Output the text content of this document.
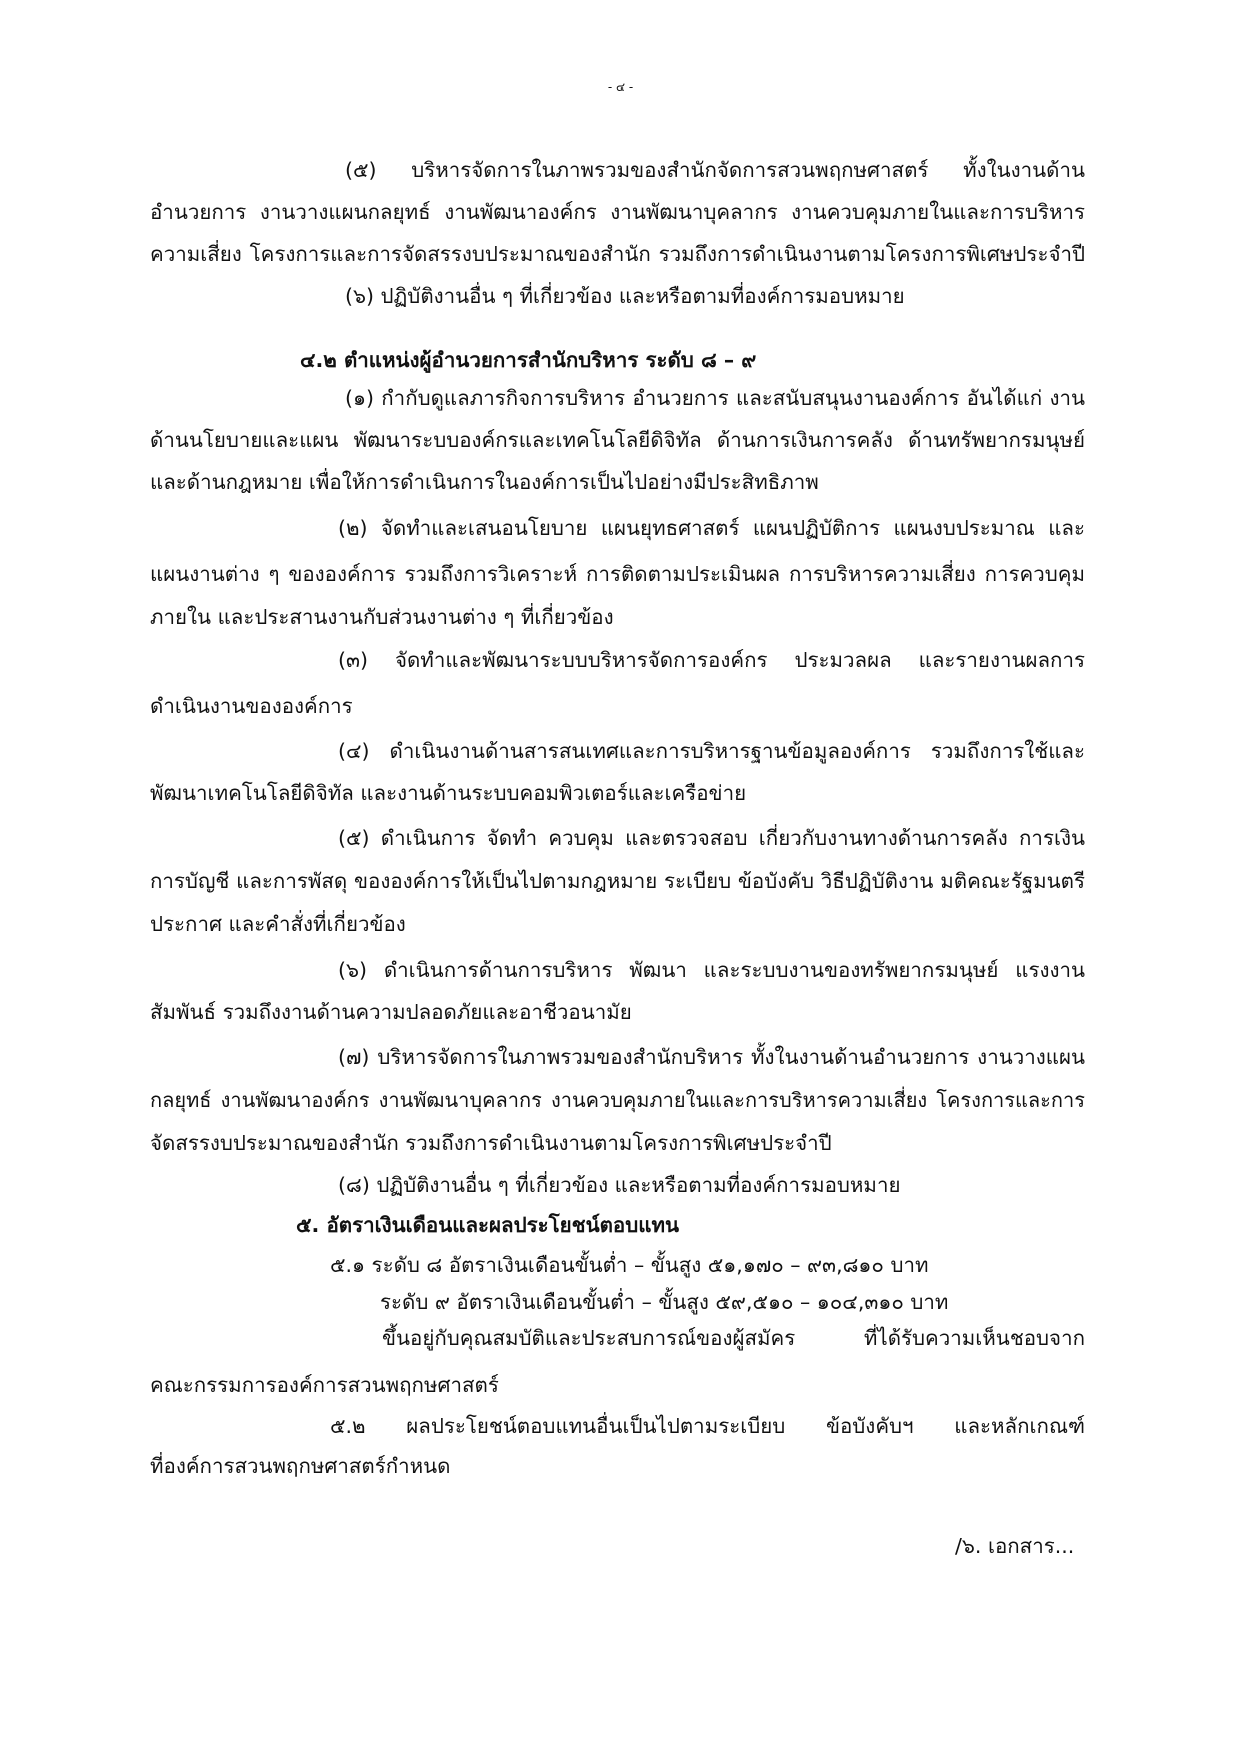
- ๔ -

(๕) บริหารจัดการในภาพรวมของสำนักจัดการสวนพฤกษศาสตร์ ทั้งในงานด้าน

อำนวยการ งานวางแผนกลยุทธ์ งานพัฒนาองค์กร งานพัฒนาบุคลากร งานควบคุมภายในและการบริหาร

ความเสี่ยง โครงการและการจัดสรรงบประมาณของสำนัก รวมถึงการดำเนินงานตามโครงการพิเศษประจำปี

(๖) ปฏิบัติงานอื่น ๆ ที่เกี่ยวข้อง และหรือตามที่องค์การมอบหมาย

๔.๒ ตำแหน่งผู้อำนวยการสำนักบริหาร ระดับ ๘ – ๙

(๑) กำกับดูแลภารกิจการบริหาร อำนวยการ และสนับสนุนงานองค์การ อันได้แก่ งาน

ด้านนโยบายและแผน พัฒนาระบบองค์กรและเทคโนโลยีดิจิทัล ด้านการเงินการคลัง ด้านทรัพยากรมนุษย์

และด้านกฎหมาย เพื่อให้การดำเนินการในองค์การเป็นไปอย่างมีประสิทธิภาพ

(๒) จัดทำและเสนอนโยบาย แผนยุทธศาสตร์ แผนปฏิบัติการ แผนงบประมาณ และ

แผนงานต่าง ๆ ขององค์การ รวมถึงการวิเคราะห์ การติดตามประเมินผล การบริหารความเสี่ยง การควบคุม

ภายใน และประสานงานกับส่วนงานต่าง ๆ ที่เกี่ยวข้อง

(๓) จัดทำและพัฒนาระบบบริหารจัดการองค์กร ประมวลผล และรายงานผลการ

ดำเนินงานขององค์การ

(๔) ดำเนินงานด้านสารสนเทศและการบริหารฐานข้อมูลองค์การ รวมถึงการใช้และ

พัฒนาเทคโนโลยีดิจิทัล และงานด้านระบบคอมพิวเตอร์และเครือข่าย

(๕) ดำเนินการ จัดทำ ควบคุม และตรวจสอบ เกี่ยวกับงานทางด้านการคลัง การเงิน

การบัญชี และการพัสดุ ขององค์การให้เป็นไปตามกฎหมาย ระเบียบ ข้อบังคับ วิธีปฏิบัติงาน มติคณะรัฐมนตรี

ประกาศ และคำสั่งที่เกี่ยวข้อง

(๖) ดำเนินการด้านการบริหาร พัฒนา และระบบงานของทรัพยากรมนุษย์ แรงงาน

สัมพันธ์ รวมถึงงานด้านความปลอดภัยและอาชีวอนามัย

(๗) บริหารจัดการในภาพรวมของสำนักบริหาร ทั้งในงานด้านอำนวยการ งานวางแผน

กลยุทธ์ งานพัฒนาองค์กร งานพัฒนาบุคลากร งานควบคุมภายในและการบริหารความเสี่ยง โครงการและการ

จัดสรรงบประมาณของสำนัก รวมถึงการดำเนินงานตามโครงการพิเศษประจำปี

(๘) ปฏิบัติงานอื่น ๆ ที่เกี่ยวข้อง และหรือตามที่องค์การมอบหมาย

๕. อัตราเงินเดือนและผลประโยชน์ตอบแทน

๕.๑ ระดับ ๘ อัตราเงินเดือนขั้นต่ำ – ขั้นสูง ๕๑,๑๗๐ – ๙๓,๘๑๐ บาท

ระดับ ๙ อัตราเงินเดือนขั้นต่ำ – ขั้นสูง ๕๙,๕๑๐ – ๑๐๔,๓๑๐ บาท

ขึ้นอยู่กับคุณสมบัติและประสบการณ์ของผู้สมัคร ที่ได้รับความเห็นชอบจาก

คณะกรรมการองค์การสวนพฤกษศาสตร์

๕.๒ ผลประโยชน์ตอบแทนอื่นเป็นไปตามระเบียบ ข้อบังคับฯ และหลักเกณฑ์

ที่องค์การสวนพฤกษศาสตร์กำหนด

/๖. เอกสาร...
